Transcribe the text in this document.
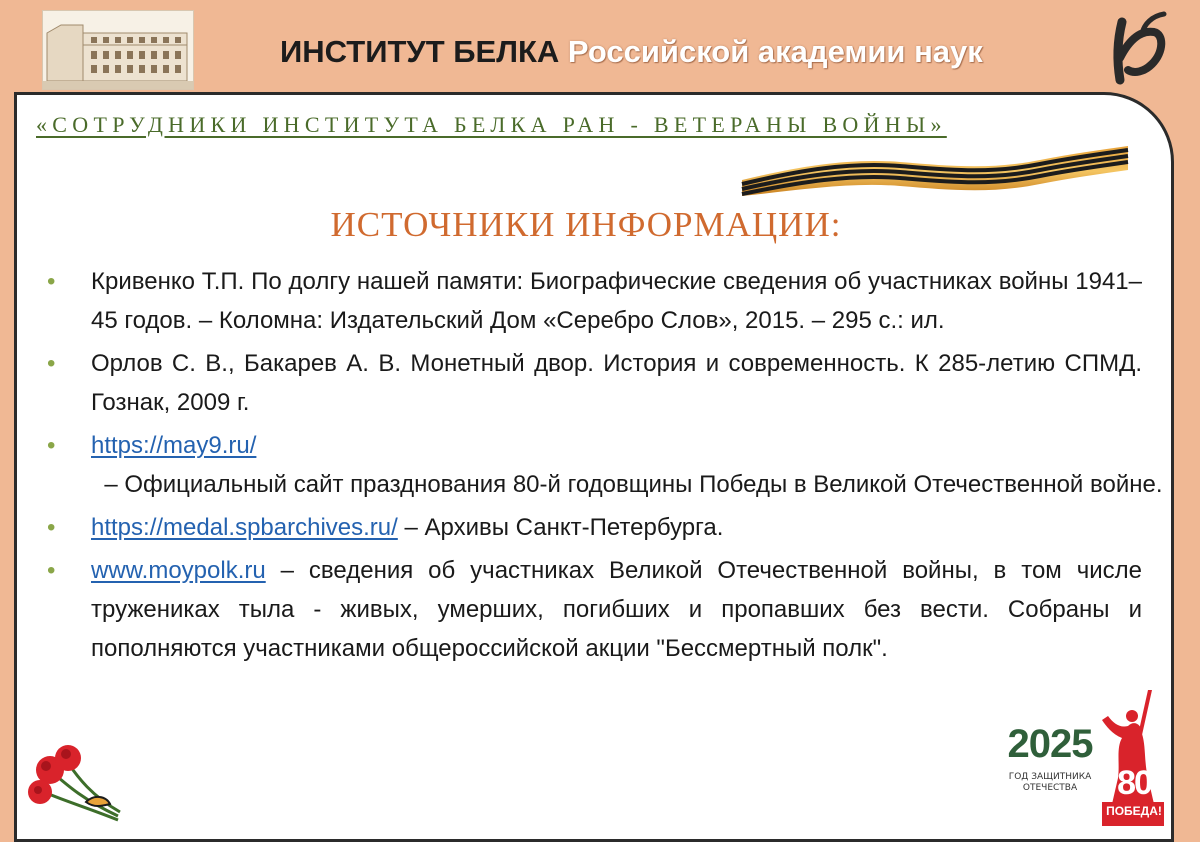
ИНСТИТУТ БЕЛКА Российской академии наук
«СОТРУДНИКИ ИНСТИТУТА БЕЛКА РАН - ВЕТЕРАНЫ ВОЙНЫ»
ИСТОЧНИКИ ИНФОРМАЦИИ:
• Кривенко Т.П. По долгу нашей памяти: Биографические сведения об участниках войны 1941–45 годов. – Коломна: Издательский Дом «Серебро Слов», 2015. – 295 с.: ил.
• Орлов С. В., Бакарев А. В. Монетный двор. История и современность. К 285-летию СПМД. Гознак, 2009 г.
• https://may9.ru/  – Официальный сайт празднования 80-й годовщины Победы в Великой Отечественной войне.
• https://medal.spbarchives.ru/ – Архивы Санкт-Петербурга.
• www.moypolk.ru – сведения об участниках Великой Отечественной войны, в том числе тружениках тыла - живых, умерших, погибших и пропавших без вести. Собраны и пополняются участниками общероссийской акции "Бессмертный полк".
2025
ГОД ЗАЩИТНИКА
ОТЕЧЕСТВА	80
ПОБЕДА!
